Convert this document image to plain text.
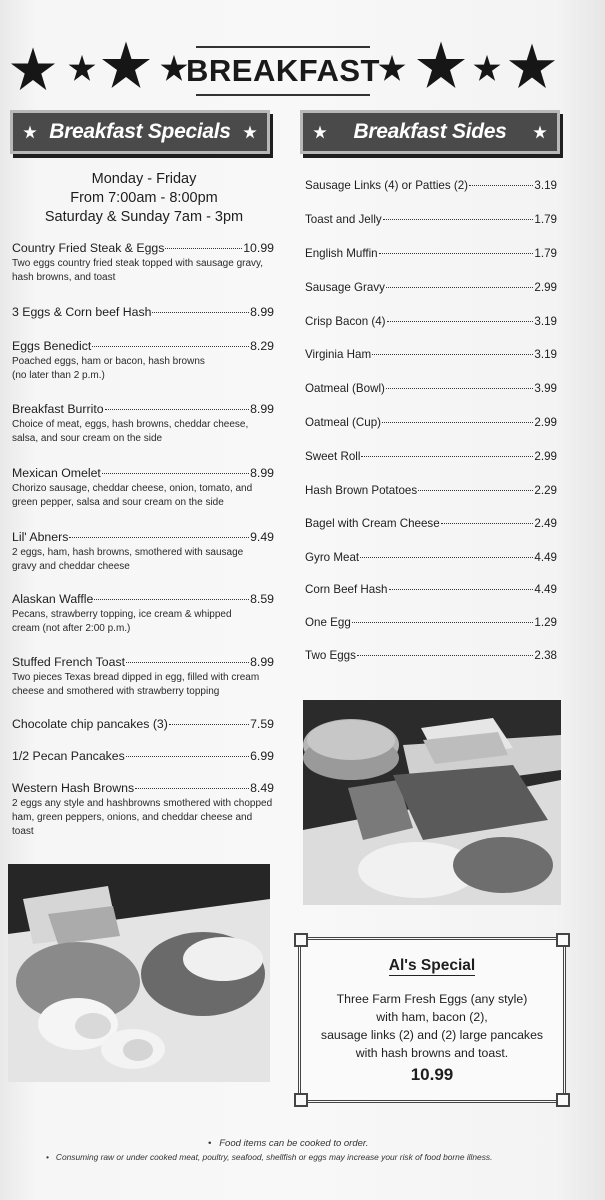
BREAKFAST
Breakfast Specials	Breakfast Sides
Monday - Friday
From 7:00am - 8:00pm
Saturday & Sunday 7am - 3pm
Country Fried Steak & Eggs	10.99
Two eggs country fried steak topped with sausage gravy,
hash browns, and toast
3 Eggs & Corn beef Hash	8.99
Eggs Benedict	8.29
Poached eggs, ham or bacon, hash browns
(no later than 2 p.m.)
Breakfast Burrito	8.99
Choice of meat, eggs, hash browns, cheddar cheese,
salsa, and sour cream on the side
Mexican Omelet	8.99
Chorizo sausage, cheddar cheese, onion, tomato, and
green pepper, salsa and sour cream on the side
Lil' Abners	9.49
2 eggs, ham, hash browns, smothered with sausage
gravy and cheddar cheese
Alaskan Waffle	8.59
Pecans, strawberry topping, ice cream & whipped
cream (not after 2:00 p.m.)
Stuffed French Toast	8.99
Two pieces Texas bread dipped in egg, filled with cream
cheese and smothered with strawberry topping
Chocolate chip pancakes (3)	7.59
1/2 Pecan Pancakes	6.99
Western Hash Browns	8.49
2 eggs any style and hashbrowns smothered with chopped
ham, green peppers, onions, and cheddar cheese and toast
Sausage Links (4) or Patties (2)	3.19
Toast and Jelly	1.79
English Muffin	1.79
Sausage Gravy	2.99
Crisp Bacon (4)	3.19
Virginia Ham	3.19
Oatmeal (Bowl)	3.99
Oatmeal (Cup)	2.99
Sweet Roll	2.99
Hash Brown Potatoes	2.29
Bagel with Cream Cheese	2.49
Gyro Meat	4.49
Corn Beef Hash	4.49
One Egg	1.29
Two Eggs	2.38
Al's Special
Three Farm Fresh Eggs (any style)
with ham, bacon (2),
sausage links (2) and (2) large pancakes
with hash browns and toast.
10.99
•   Food items can be cooked to order.
•   Consuming raw or under cooked meat, poultry, seafood, shellfish or eggs may increase your risk of food borne illness.
